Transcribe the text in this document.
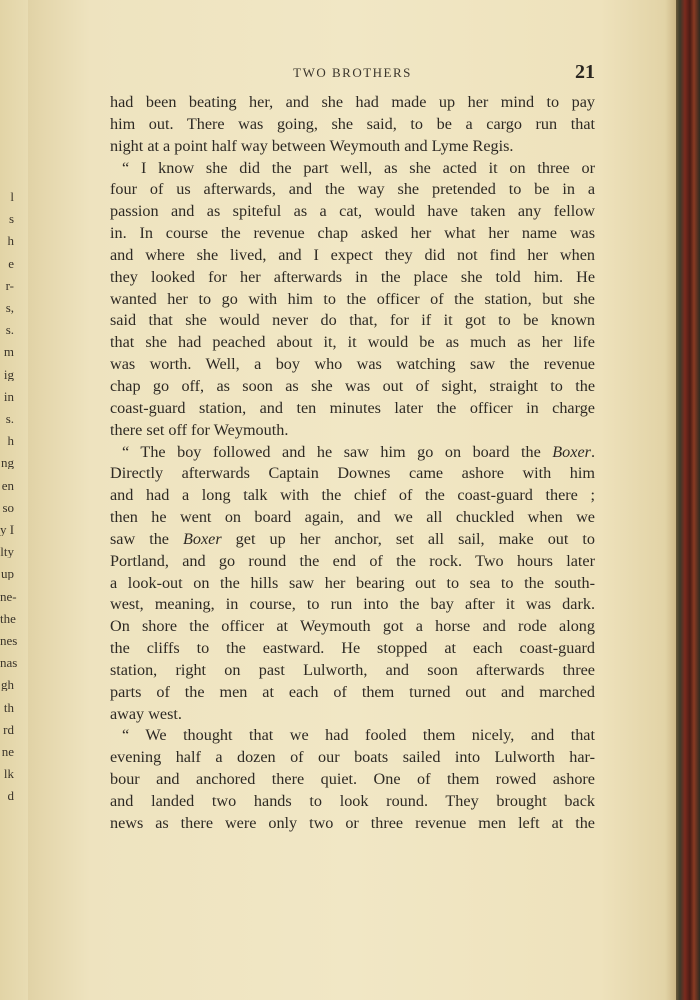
l
s
h
e
r-
s,
s.
m
ig
in
s.
h
ng
en
so
y I
lty
up
ne-
the
nes
nas
gh
th
rd
ne
lk
d
TWO BROTHERS	21
had been beating her, and she had made up her mind to pay
him out. There was going, she said, to be a cargo run that
night at a point half way between Weymouth and Lyme Regis.
“ I know she did the part well, as she acted it on three or
four of us afterwards, and the way she pretended to be in a
passion and as spiteful as a cat, would have taken any fellow
in. In course the revenue chap asked her what her name was
and where she lived, and I expect they did not find her when
they looked for her afterwards in the place she told him. He
wanted her to go with him to the officer of the station, but she
said that she would never do that, for if it got to be known
that she had peached about it, it would be as much as her life
was worth. Well, a boy who was watching saw the revenue
chap go off, as soon as she was out of sight, straight to the
coast-guard station, and ten minutes later the officer in charge
there set off for Weymouth.
“ The boy followed and he saw him go on board the Boxer.
Directly afterwards Captain Downes came ashore with him
and had a long talk with the chief of the coast-guard there ;
then he went on board again, and we all chuckled when we
saw the Boxer get up her anchor, set all sail, make out to
Portland, and go round the end of the rock. Two hours later
a look-out on the hills saw her bearing out to sea to the south-
west, meaning, in course, to run into the bay after it was dark.
On shore the officer at Weymouth got a horse and rode along
the cliffs to the eastward. He stopped at each coast-guard
station, right on past Lulworth, and soon afterwards three
parts of the men at each of them turned out and marched
away west.
“ We thought that we had fooled them nicely, and that
evening half a dozen of our boats sailed into Lulworth har-
bour and anchored there quiet. One of them rowed ashore
and landed two hands to look round. They brought back
news as there were only two or three revenue men left at the
